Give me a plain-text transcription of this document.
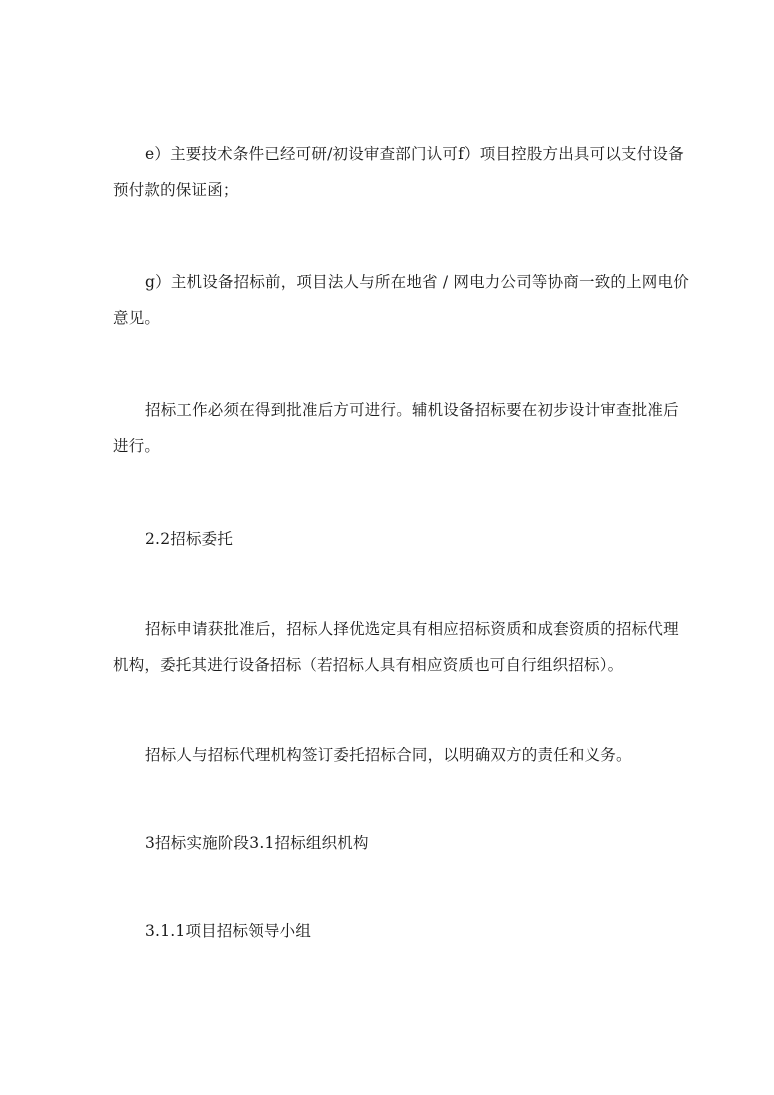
e）主要技术条件已经可研/初设审查部门认可f）项目控股方出具可以支付设备
预付款的保证函；
g）主机设备招标前，项目法人与所在地省 / 网电力公司等协商一致的上网电价
意见。
招标工作必须在得到批准后方可进行。辅机设备招标要在初步设计审查批准后
进行。
2.2招标委托
招标申请获批准后，招标人择优选定具有相应招标资质和成套资质的招标代理
机构，委托其进行设备招标（若招标人具有相应资质也可自行组织招标）。
招标人与招标代理机构签订委托招标合同，以明确双方的责任和义务。
3招标实施阶段3.1招标组织机构
3.1.1项目招标领导小组
